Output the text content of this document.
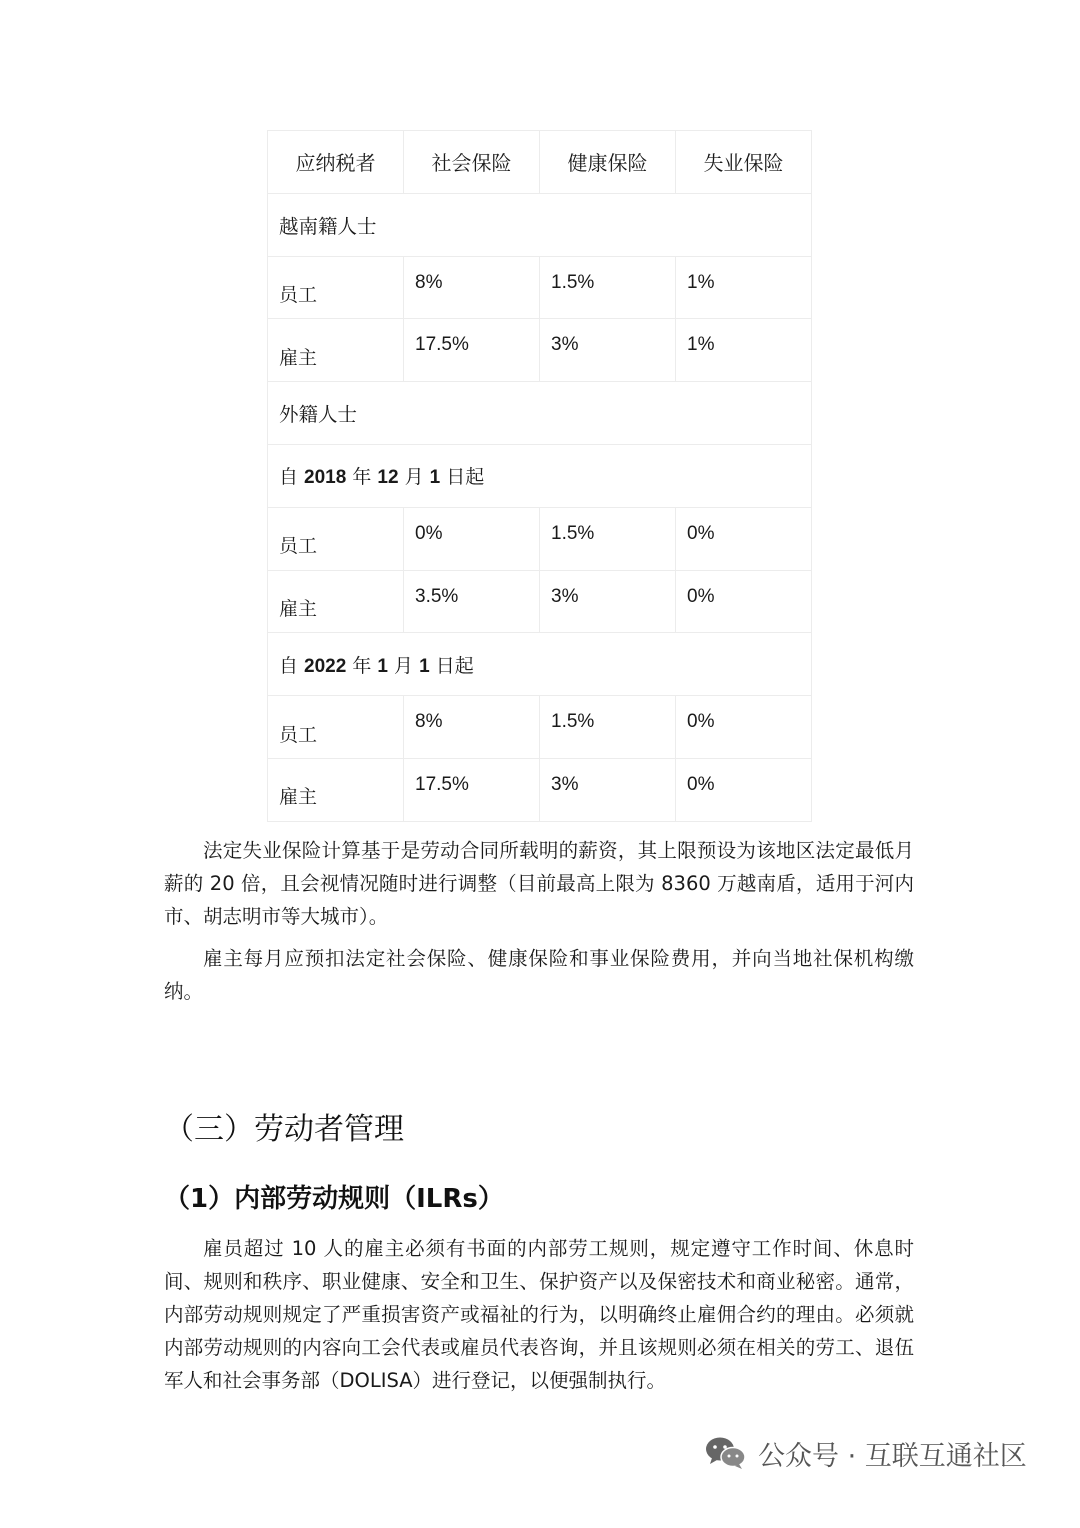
应纳税者	社会保险	健康保险	失业保险
越南籍人士			
员工	8%	1.5%	1%
雇主	17.5%	3%	1%
外籍人士			
自 2018 年 12 月 1 日起			
员工	0%	1.5%	0%
雇主	3.5%	3%	0%
自 2022 年 1 月 1 日起			
员工	8%	1.5%	0%
雇主	17.5%	3%	0%

法定失业保险计算基于是劳动合同所载明的薪资，其上限预设为该地区法定最低月薪的 20 倍，且会视情况随时进行调整（目前最高上限为 8360 万越南盾，适用于河内市、胡志明市等大城市）。

雇主每月应预扣法定社会保险、健康保险和事业保险费用，并向当地社保机构缴纳。

（三）劳动者管理
（1）内部劳动规则（ILRs）

雇员超过 10 人的雇主必须有书面的内部劳工规则，规定遵守工作时间、休息时间、规则和秩序、职业健康、安全和卫生、保护资产以及保密技术和商业秘密。通常，内部劳动规则规定了严重损害资产或福祉的行为，以明确终止雇佣合约的理由。必须就内部劳动规则的内容向工会代表或雇员代表咨询，并且该规则必须在相关的劳工、退伍军人和社会事务部（DOLISA）进行登记，以便强制执行。

公众号 · 互联互通社区
